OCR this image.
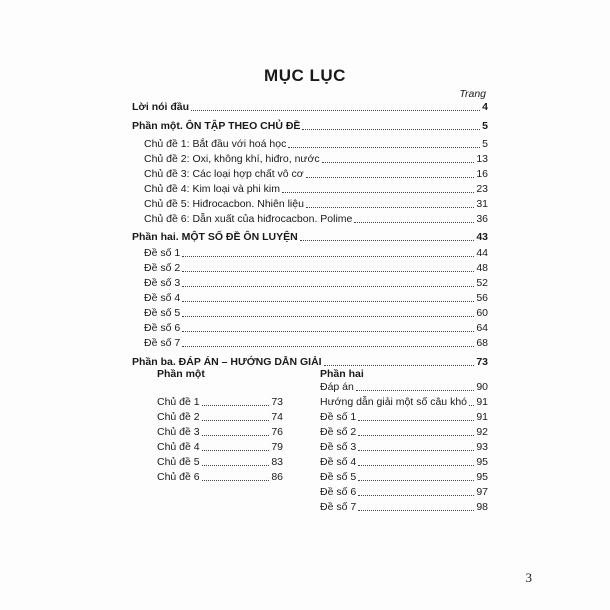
MỤC LỤC
Trang
Lời nói đầu	4
Phần một. ÔN TẬP THEO CHỦ ĐỀ	5
Chủ đề 1: Bắt đầu với hoá học	5
Chủ đề 2: Oxi, không khí, hiđro, nước	13
Chủ đề 3: Các loại hợp chất vô cơ	16
Chủ đề 4: Kim loại và phi kim	23
Chủ đề 5: Hiđrocacbon. Nhiên liệu	31
Chủ đề 6: Dẫn xuất của hiđrocacbon. Polime	36
Phần hai. MỘT SỐ ĐỀ ÔN LUYỆN	43
Đề số 1	44
Đề số 2	48
Đề số 3	52
Đề số 4	56
Đề số 5	60
Đề số 6	64
Đề số 7	68
Phần ba. ĐÁP ÁN – HƯỚNG DẪN GIẢI	73
Phần một
Chủ đề 1	73
Chủ đề 2	74
Chủ đề 3	76
Chủ đề 4	79
Chủ đề 5	83
Chủ đề 6	86
Phần hai
Đáp án	90
Hướng dẫn giải một số câu khó 91
Đề số 1	91
Đề số 2	92
Đề số 3	93
Đề số 4	95
Đề số 5	95
Đề số 6	97
Đề số 7	98
3
